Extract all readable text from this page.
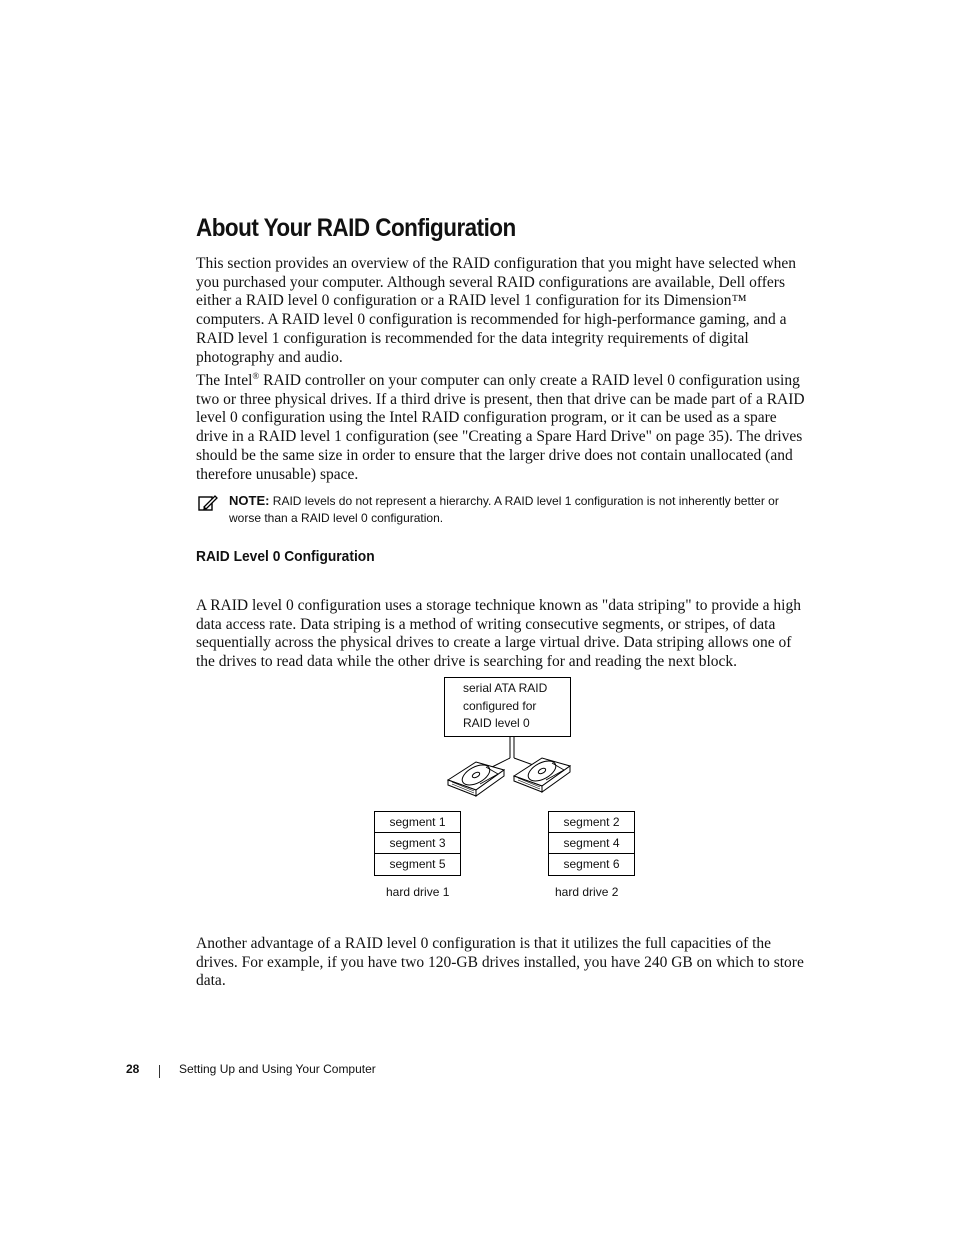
About Your RAID Configuration

This section provides an overview of the RAID configuration that you might have selected when you purchased your computer. Although several RAID configurations are available, Dell offers either a RAID level 0 configuration or a RAID level 1 configuration for its Dimension™ computers. A RAID level 0 configuration is recommended for high-performance gaming, and a RAID level 1 configuration is recommended for the data integrity requirements of digital photography and audio.

The Intel® RAID controller on your computer can only create a RAID level 0 configuration using two or three physical drives. If a third drive is present, then that drive can be made part of a RAID level 0 configuration using the Intel RAID configuration program, or it can be used as a spare drive in a RAID level 1 configuration (see "Creating a Spare Hard Drive" on page 35). The drives should be the same size in order to ensure that the larger drive does not contain unallocated (and therefore unusable) space.

NOTE: RAID levels do not represent a hierarchy. A RAID level 1 configuration is not inherently better or worse than a RAID level 0 configuration.
RAID Level 0 Configuration

A RAID level 0 configuration uses a storage technique known as "data striping" to provide a high data access rate. Data striping is a method of writing consecutive segments, or stripes, of data sequentially across the physical drives to create a large virtual drive. Data striping allows one of the drives to read data while the other drive is searching for and reading the next block.

serial ATA RAID
configured for
RAID level 0
segment 1
segment 3
segment 5
segment 2
segment 4
segment 6
hard drive 1	hard drive 2

Another advantage of a RAID level 0 configuration is that it utilizes the full capacities of the drives. For example, if you have two 120-GB drives installed, you have 240 GB on which to store data.

28	Setting Up and Using Your Computer
